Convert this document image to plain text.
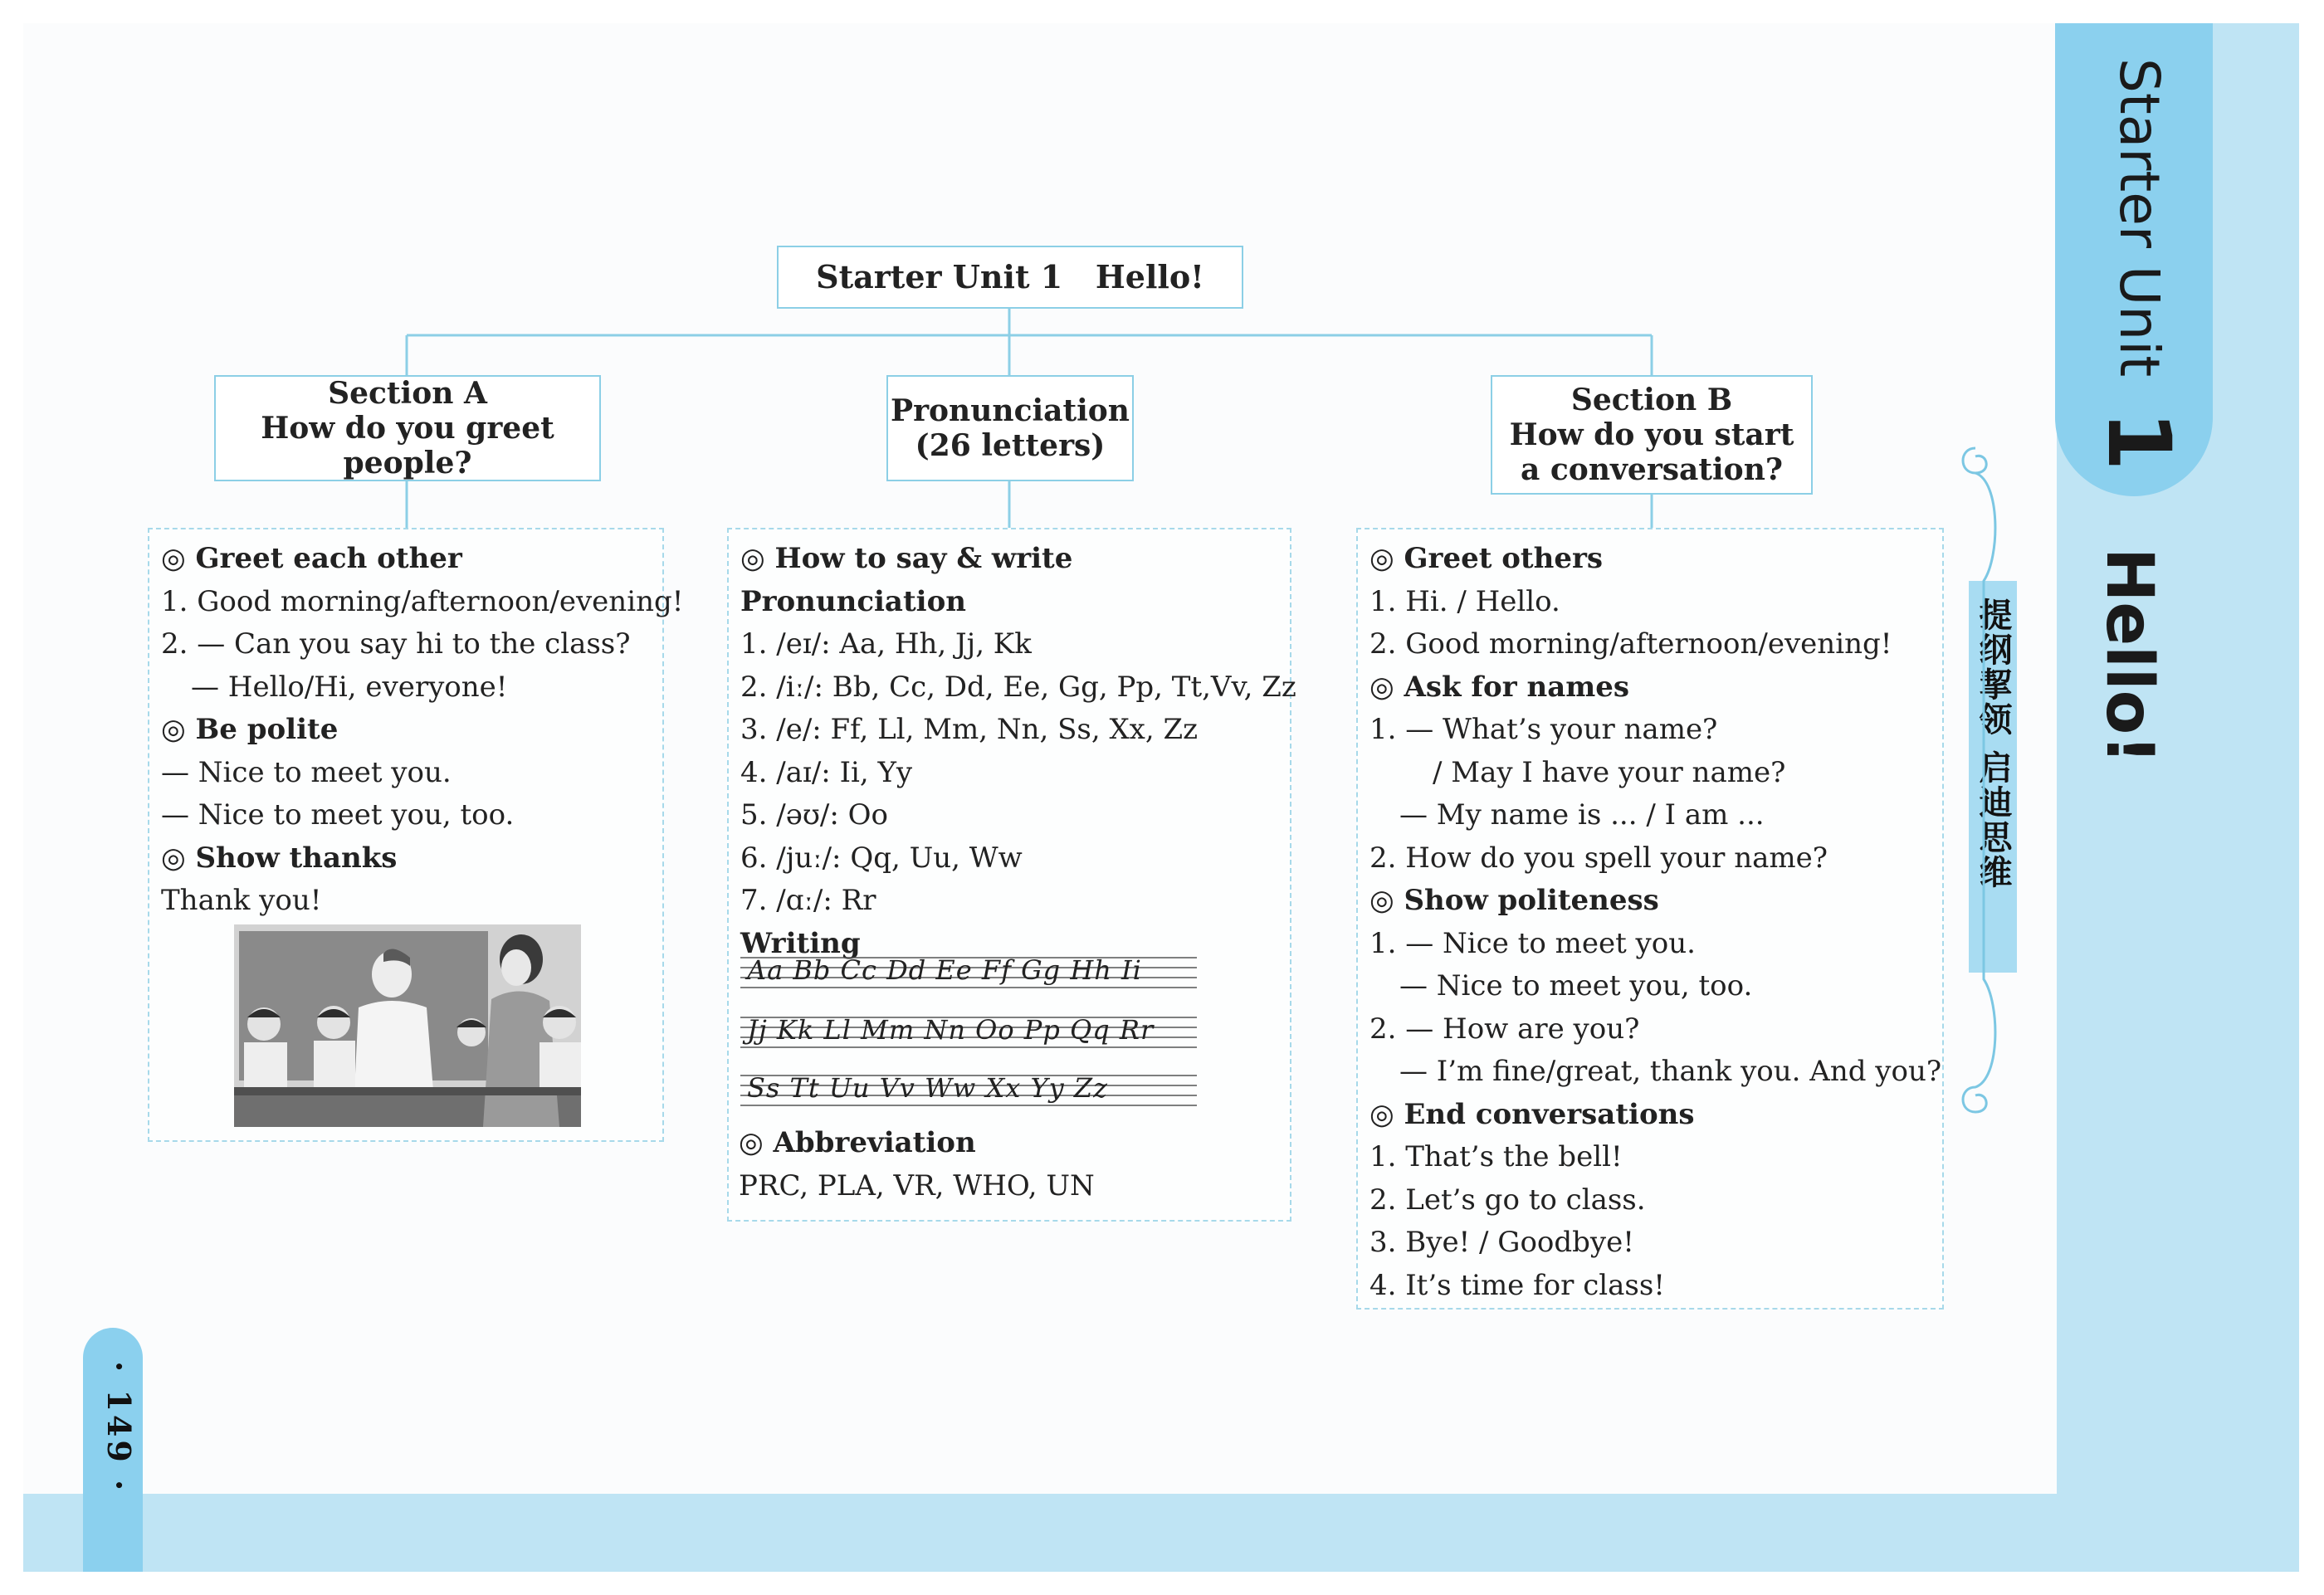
Starter Unit 1
Hello!
提纲挈领 启迪思维
· 149 ·
Starter Unit 1   Hello!
Section A
How do you greet people?
Pronunciation
(26 letters)
Section B
How do you start
a conversation?
◎ Greet each other
1. Good morning/afternoon/evening!
2. — Can you say hi to the class?
— Hello/Hi, everyone!
◎ Be polite
— Nice to meet you.
— Nice to meet you, too.
◎ Show thanks
Thank you!
◎ How to say & write
Pronunciation
1. /eɪ/: Aa, Hh, Jj, Kk
2. /iː/: Bb, Cc, Dd, Ee, Gg, Pp, Tt,Vv, Zz
3. /e/: Ff, Ll, Mm, Nn, Ss, Xx, Zz
4. /aɪ/: Ii, Yy
5. /əʊ/: Oo
6. /juː/: Qq, Uu, Ww
7. /ɑː/: Rr
Writing
Aa Bb Cc Dd Ee Ff Gg Hh Ii
Jj Kk Ll Mm Nn Oo Pp Qq Rr
Ss Tt Uu Vv Ww Xx Yy Zz
◎ Abbreviation
PRC, PLA, VR, WHO, UN
◎ Greet others
1. Hi. / Hello.
2. Good morning/afternoon/evening!
◎ Ask for names
1. — What’s your name?
/ May I have your name?
— My name is ... / I am ...
2. How do you spell your name?
◎ Show politeness
1. — Nice to meet you.
— Nice to meet you, too.
2. — How are you?
— I’m fine/great, thank you. And you?
◎ End conversations
1. That’s the bell!
2. Let’s go to class.
3. Bye! / Goodbye!
4. It’s time for class!
